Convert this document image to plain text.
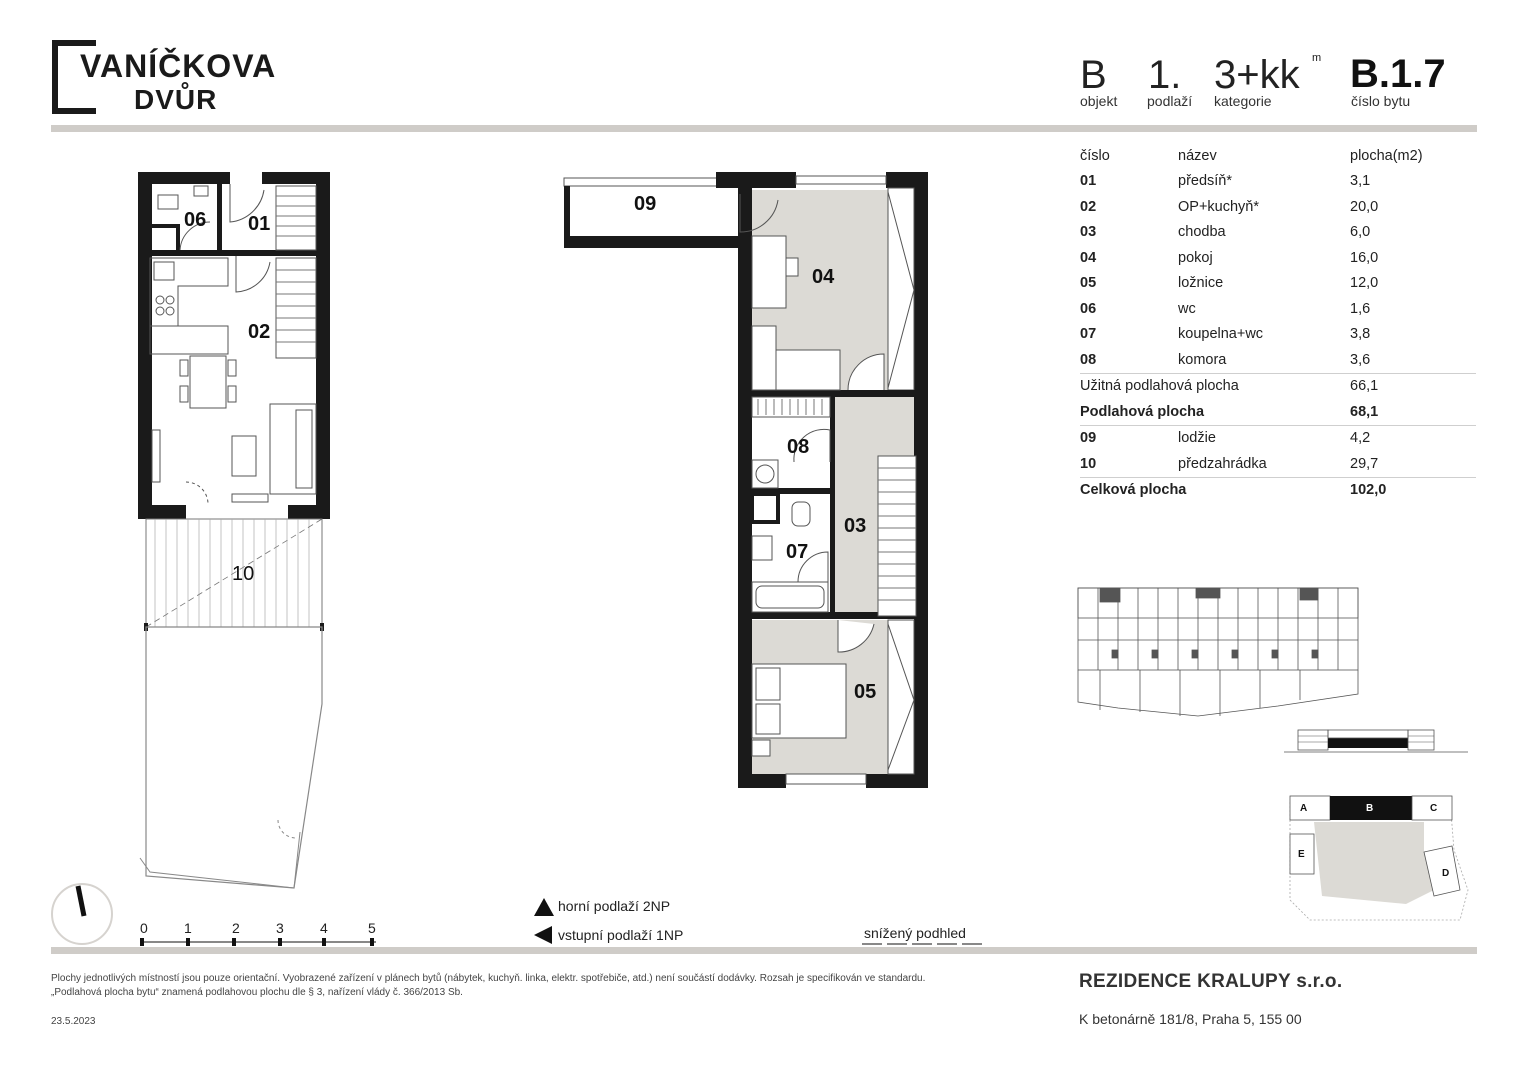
VANÍČKOVA
DVŮR
B
objekt
1.
podlaží
3+kk m
kategorie
B.1.7
číslo bytu
číslo	název	plocha(m2)
01	předsíň*	3,1
02	OP+kuchyň*	20,0
03	chodba	6,0
04	pokoj	16,0
05	ložnice	12,0
06	wc	1,6
07	koupelna+wc	3,8
08	komora	3,6
Užitná podlahová plocha		66,1
Podlahová plocha		68,1
09	lodžie	4,2
10	předzahrádka	29,7
Celková plocha		102,0
06 01
02
10
09
04
08
03
07
05
0	1	2	3	4	5
horní podlaží 2NP
vstupní podlaží 1NP	snížený podhled
A	B	C
D
E
Plochy jednotlivých místností jsou pouze orientační. Vyobrazené zařízení v plánech bytů (nábytek, kuchyň. linka, elektr. spotřebiče, atd.) není součástí dodávky. Rozsah je specifikován ve standardu.
„Podlahová plocha bytu“ znamená podlahovou plochu dle § 3, nařízení vlády č. 366/2013 Sb.
23.5.2023
REZIDENCE KRALUPY s.r.o.
K betonárně 181/8, Praha 5, 155 00
